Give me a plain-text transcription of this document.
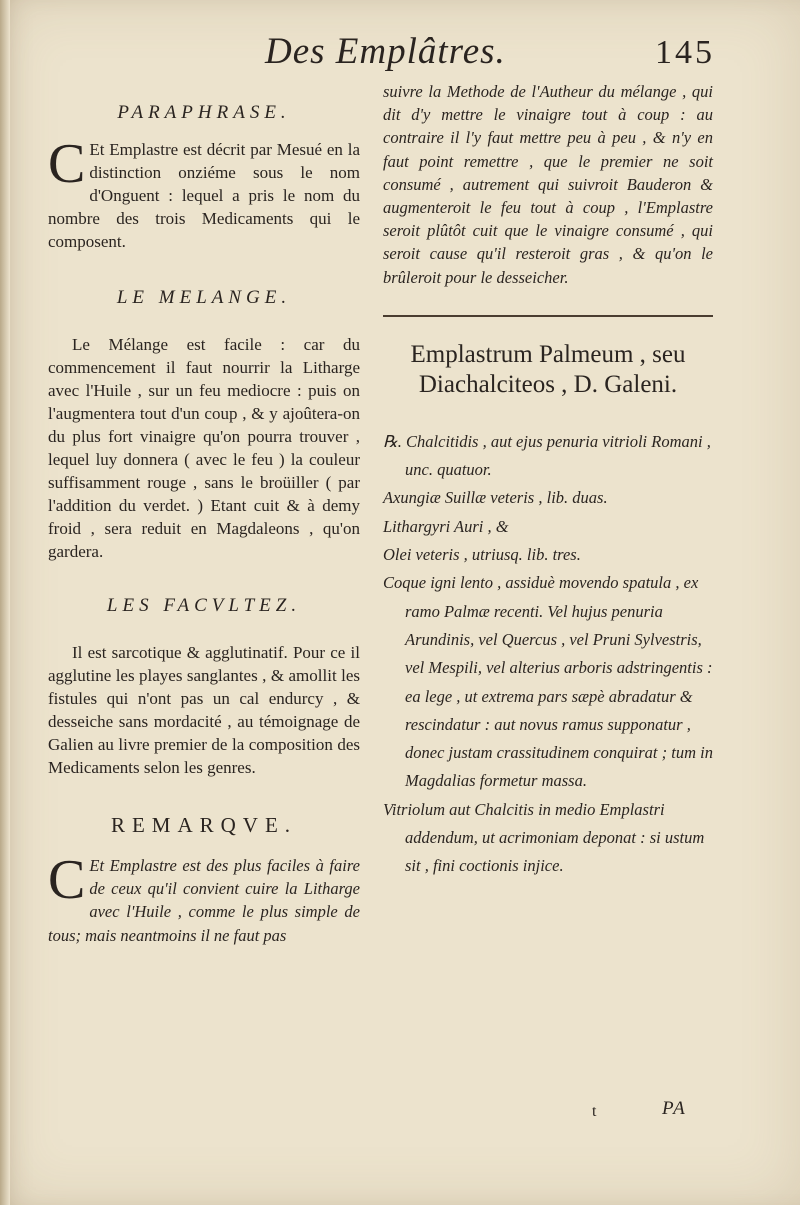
Des Emplâtres.	145

PARAPHRASE.

C Et Emplastre est décrit par Mesué en la distinction onziéme sous le nom d'Onguent : lequel a pris le nom du nombre des trois Medicaments qui le composent.

LE MELANGE.

Le Mélange est facile : car du commencement il faut nourrir la Litharge avec l'Huile , sur un feu mediocre : puis on l'augmentera tout d'un coup , & y ajoûtera-on du plus fort vinaigre qu'on pourra trouver , lequel luy donnera ( avec le feu ) la couleur suffisamment rouge , sans le broüiller ( par l'addition du verdet. ) Etant cuit & à demy froid , sera reduit en Magdaleons , qu'on gardera.

LES FACVLTEZ.

Il est sarcotique & agglutinatif. Pour ce il agglutine les playes sanglantes , & amollit les fistules qui n'ont pas un cal endurcy , & desseiche sans mordacité , au témoignage de Galien au livre premier de la composition des Medicaments selon les genres.

REMARQVE.

C Et Emplastre est des plus faciles à faire de ceux qu'il convient cuire la Litharge avec l'Huile , comme le plus simple de tous; mais neantmoins il ne faut pas

suivre la Methode de l'Autheur du mélange , qui dit d'y mettre le vinaigre tout à coup : au contraire il l'y faut mettre peu à peu , & n'y en faut point remettre , que le premier ne soit consumé , autrement qui suivroit Bauderon & augmenteroit le feu tout à coup , l'Emplastre seroit plûtôt cuit que le vinaigre consumé , qui seroit cause qu'il resteroit gras , & qu'on le brûleroit pour le desseicher.

Emplastrum Palmeum , seu Diachalciteos , D. Galeni.

℞. Chalcitidis , aut ejus penuria vitrioli Romani , unc. quatuor.

Axungiæ Suillæ veteris , lib. duas.

Lithargyri Auri , &

Olei veteris , utriusq. lib. tres.

Coque igni lento , assiduè movendo spatula , ex ramo Palmæ recenti. Vel hujus penuria Arundinis, vel Quercus , vel Pruni Sylvestris, vel Mespili, vel alterius arboris adstringentis : ea lege , ut extrema pars sæpè abradatur & rescindatur : aut novus ramus supponatur , donec justam crassitudinem conquirat ; tum in Magdalias formetur massa.

Vitriolum aut Chalcitis in medio Emplastri addendum, ut acrimoniam deponat : si ustum sit , fini coctionis injice.

t	PA
